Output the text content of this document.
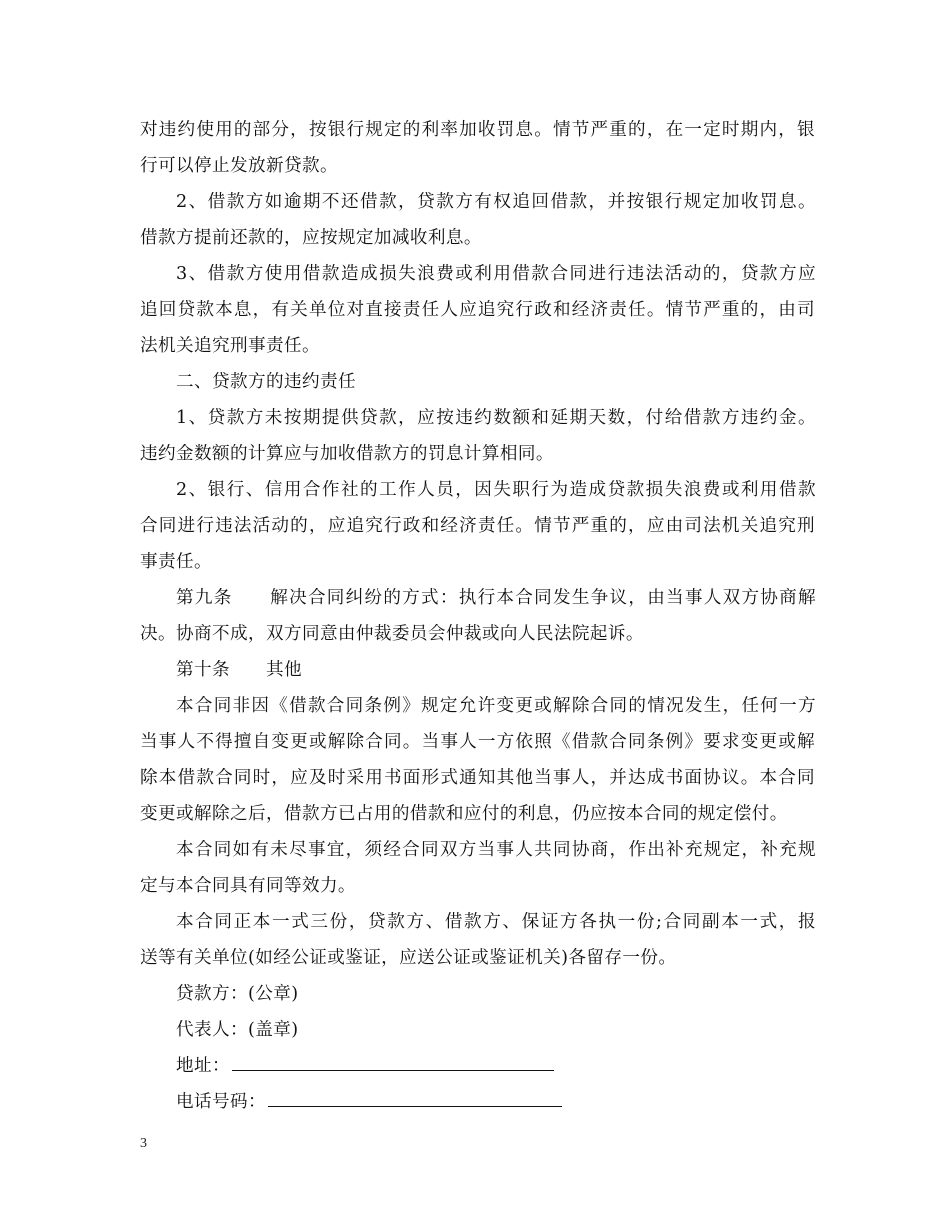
对违约使用的部分，按银行规定的利率加收罚息。情节严重的，在一定时期内，银
行可以停止发放新贷款。
2、借款方如逾期不还借款，贷款方有权追回借款，并按银行规定加收罚息。
借款方提前还款的，应按规定加减收利息。
3、借款方使用借款造成损失浪费或利用借款合同进行违法活动的，贷款方应
追回贷款本息，有关单位对直接责任人应追究行政和经济责任。情节严重的，由司
法机关追究刑事责任。
二、贷款方的违约责任
1、贷款方未按期提供贷款，应按违约数额和延期天数，付给借款方违约金。
违约金数额的计算应与加收借款方的罚息计算相同。
2、银行、信用合作社的工作人员，因失职行为造成贷款损失浪费或利用借款
合同进行违法活动的，应追究行政和经济责任。情节严重的，应由司法机关追究刑
事责任。
第九条　　解决合同纠纷的方式：执行本合同发生争议，由当事人双方协商解
决。协商不成，双方同意由仲裁委员会仲裁或向人民法院起诉。
第十条　　其他
本合同非因《借款合同条例》规定允许变更或解除合同的情况发生，任何一方
当事人不得擅自变更或解除合同。当事人一方依照《借款合同条例》要求变更或解
除本借款合同时，应及时采用书面形式通知其他当事人，并达成书面协议。本合同
变更或解除之后，借款方已占用的借款和应付的利息，仍应按本合同的规定偿付。
本合同如有未尽事宜，须经合同双方当事人共同协商，作出补充规定，补充规
定与本合同具有同等效力。
本合同正本一式三份，贷款方、借款方、保证方各执一份;合同副本一式，报
送等有关单位(如经公证或鉴证，应送公证或鉴证机关)各留存一份。
贷款方：(公章)
代表人：(盖章)
地址：
电话号码：
3
